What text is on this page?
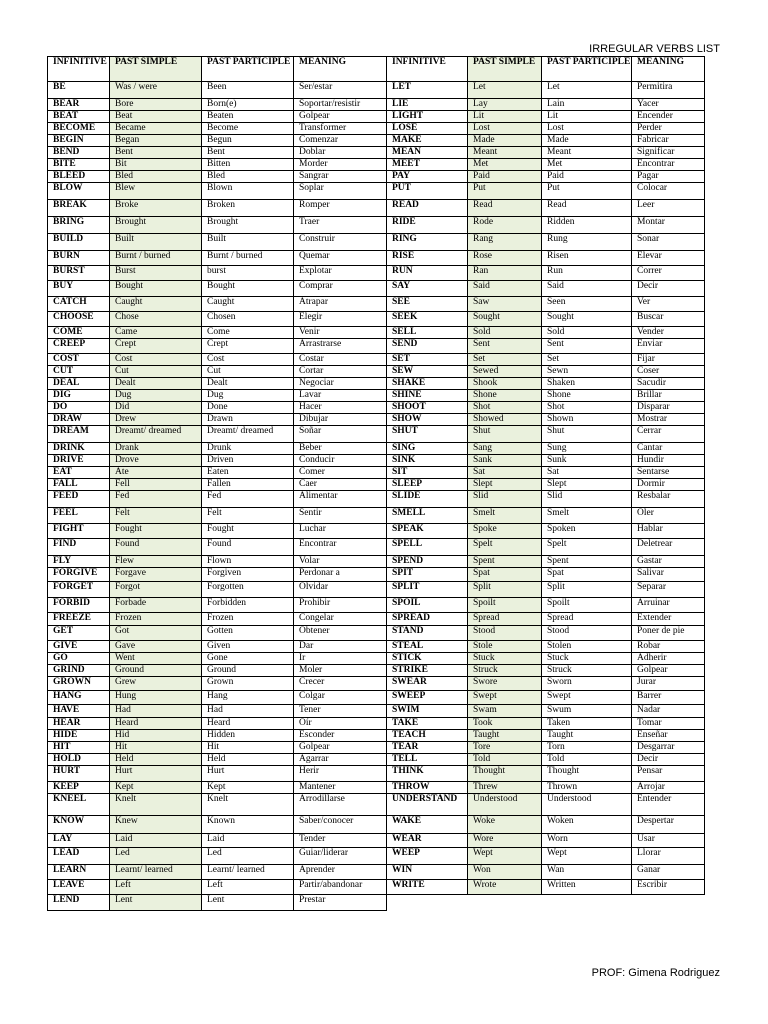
IRREGULAR VERBS LIST
INFINITIVE	PAST SIMPLE	PAST PARTICIPLE	MEANING
BE	Was / were	Been	Ser/estar
BEAR	Bore	Born(e)	Soportar/resistir
BEAT	Beat	Beaten	Golpear
BECOME	Became	Become	Transformer
BEGIN	Began	Begun	Comenzar
BEND	Bent	Bent	Doblar
BITE	Bit	Bitten	Morder
BLEED	Bled	Bled	Sangrar
BLOW	Blew	Blown	Soplar
BREAK	Broke	Broken	Romper
BRING	Brought	Brought	Traer
BUILD	Built	Built	Construir
BURN	Burnt / burned	Burnt / burned	Quemar
BURST	Burst	burst	Explotar
BUY	Bought	Bought	Comprar
CATCH	Caught	Caught	Atrapar
CHOOSE	Chose	Chosen	Elegir
COME	Came	Come	Venir
CREEP	Crept	Crept	Arrastrarse
COST	Cost	Cost	Costar
CUT	Cut	Cut	Cortar
DEAL	Dealt	Dealt	Negociar
DIG	Dug	Dug	Lavar
DO	Did	Done	Hacer
DRAW	Drew	Drawn	Dibujar
DREAM	Dreamt/ dreamed	Dreamt/ dreamed	Soñar
DRINK	Drank	Drunk	Beber
DRIVE	Drove	Driven	Conducir
EAT	Ate	Eaten	Comer
FALL	Fell	Fallen	Caer
FEED	Fed	Fed	Alimentar
FEEL	Felt	Felt	Sentir
FIGHT	Fought	Fought	Luchar
FIND	Found	Found	Encontrar
FLY	Flew	Flown	Volar
FORGIVE	Forgave	Forgiven	Perdonar a
FORGET	Forgot	Forgotten	Olvidar
FORBID	Forbade	Forbidden	Prohibir
FREEZE	Frozen	Frozen	Congelar
GET	Got	Gotten	Obtener
GIVE	Gave	Given	Dar
GO	Went	Gone	Ir
GRIND	Ground	Ground	Moler
GROWN	Grew	Grown	Crecer
HANG	Hung	Hang	Colgar
HAVE	Had	Had	Tener
HEAR	Heard	Heard	Oír
HIDE	Hid	Hidden	Esconder
HIT	Hit	Hit	Golpear
HOLD	Held	Held	Agarrar
HURT	Hurt	Hurt	Herir
KEEP	Kept	Kept	Mantener
KNEEL	Knelt	Knelt	Arrodillarse
KNOW	Knew	Known	Saber/conocer
LAY	Laid	Laid	Tender
LEAD	Led	Led	Guiar/liderar
LEARN	Learnt/ learned	Learnt/ learned	Aprender
LEAVE	Left	Left	Partir/abandonar
LEND	Lent	Lent	Prestar
INFINITIVE	PAST SIMPLE	PAST PARTICIPLE	MEANING
LET	Let	Let	Permitira
LIE	Lay	Lain	Yacer
LIGHT	Lit	Lit	Encender
LOSE	Lost	Lost	Perder
MAKE	Made	Made	Fabricar
MEAN	Meant	Meant	Significar
MEET	Met	Met	Encontrar
PAY	Paid	Paid	Pagar
PUT	Put	Put	Colocar
READ	Read	Read	Leer
RIDE	Rode	Ridden	Montar
RING	Rang	Rung	Sonar
RISE	Rose	Risen	Elevar
RUN	Ran	Run	Correr
SAY	Said	Said	Decir
SEE	Saw	Seen	Ver
SEEK	Sought	Sought	Buscar
SELL	Sold	Sold	Vender
SEND	Sent	Sent	Enviar
SET	Set	Set	Fijar
SEW	Sewed	Sewn	Coser
SHAKE	Shook	Shaken	Sacudir
SHINE	Shone	Shone	Brillar
SHOOT	Shot	Shot	Disparar
SHOW	Showed	Shown	Mostrar
SHUT	Shut	Shut	Cerrar
SING	Sang	Sung	Cantar
SINK	Sank	Sunk	Hundir
SIT	Sat	Sat	Sentarse
SLEEP	Slept	Slept	Dormir
SLIDE	Slid	Slid	Resbalar
SMELL	Smelt	Smelt	Oler
SPEAK	Spoke	Spoken	Hablar
SPELL	Spelt	Spelt	Deletrear
SPEND	Spent	Spent	Gastar
SPIT	Spat	Spat	Salivar
SPLIT	Split	Split	Separar
SPOIL	Spoilt	Spoilt	Arruinar
SPREAD	Spread	Spread	Extender
STAND	Stood	Stood	Poner de pie
STEAL	Stole	Stolen	Robar
STICK	Stuck	Stuck	Adherir
STRIKE	Struck	Struck	Golpear
SWEAR	Swore	Sworn	Jurar
SWEEP	Swept	Swept	Barrer
SWIM	Swam	Swum	Nadar
TAKE	Took	Taken	Tomar
TEACH	Taught	Taught	Enseñar
TEAR	Tore	Torn	Desgarrar
TELL	Told	Told	Decir
THINK	Thought	Thought	Pensar
THROW	Threw	Thrown	Arrojar
UNDERSTAND	Understood	Understood	Entender
WAKE	Woke	Woken	Despertar
WEAR	Wore	Worn	Usar
WEEP	Wept	Wept	Llorar
WIN	Won	Wan	Ganar
WRITE	Wrote	Written	Escribir
PROF: Gimena Rodriguez
